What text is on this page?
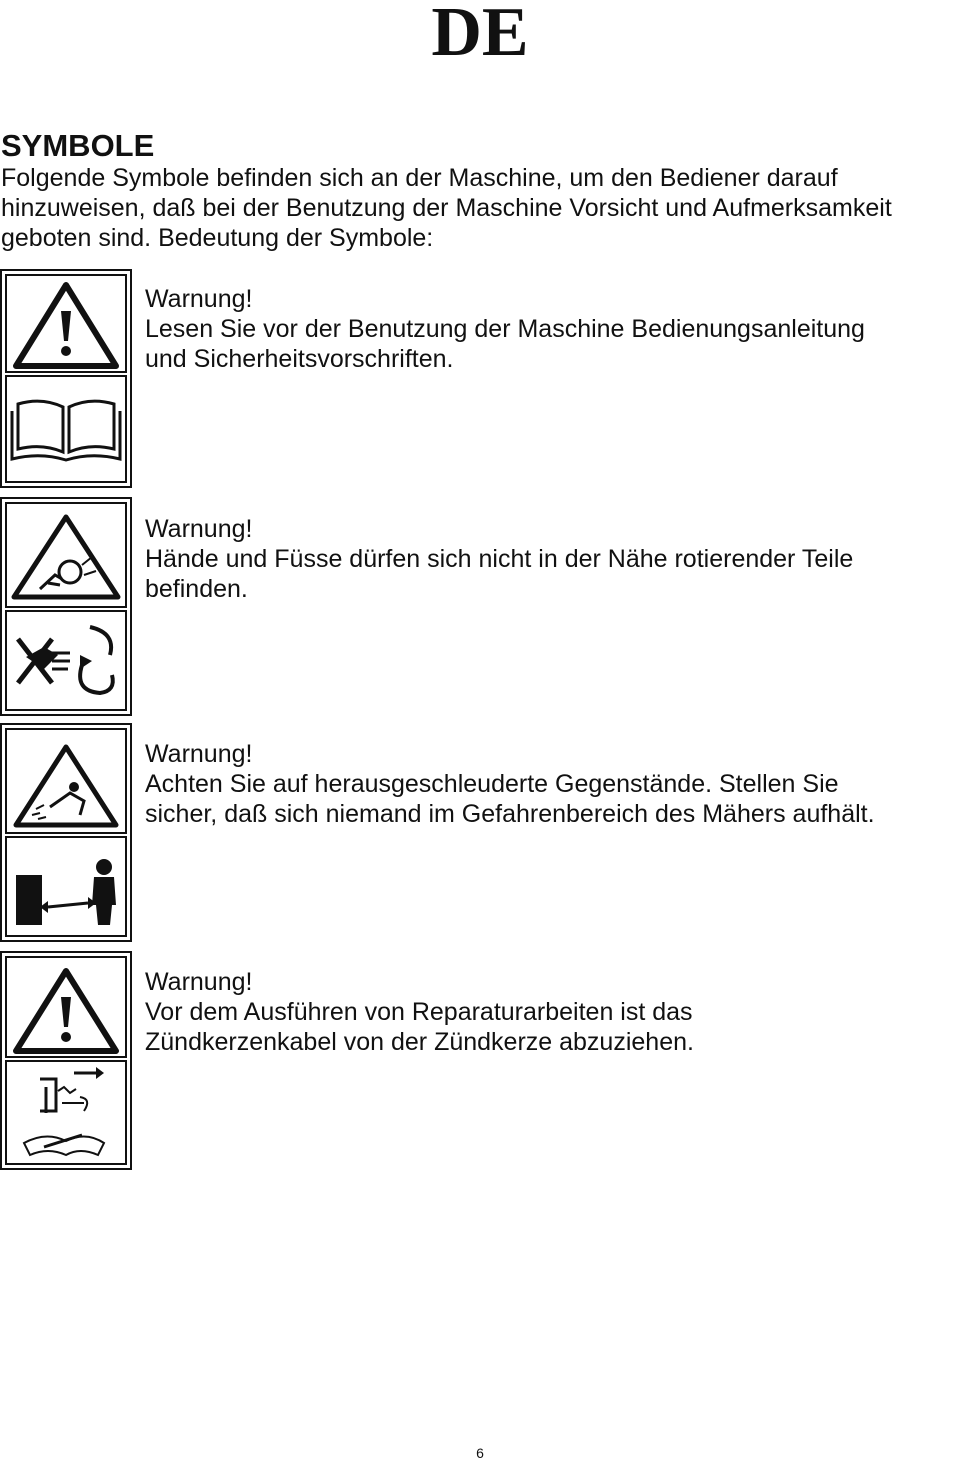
DE
SYMBOLE
Folgende Symbole befinden sich an der Maschine, um den Bediener darauf
hinzuweisen, daß bei der Benutzung der Maschine Vorsicht und Aufmerksamkeit
geboten sind. Bedeutung der Symbole:
Warnung!
Lesen Sie vor der Benutzung der Maschine Bedienungsanleitung
und Sicherheitsvorschriften.
Warnung!
Hände und Füsse dürfen sich nicht in der Nähe rotierender Teile
befinden.
Warnung!
Achten Sie auf herausgeschleuderte Gegenstände. Stellen Sie
sicher, daß sich niemand im Gefahrenbereich des Mähers aufhält.
Warnung!
Vor dem Ausführen von Reparaturarbeiten ist das
Zündkerzenkabel von der Zündkerze abzuziehen.
6
